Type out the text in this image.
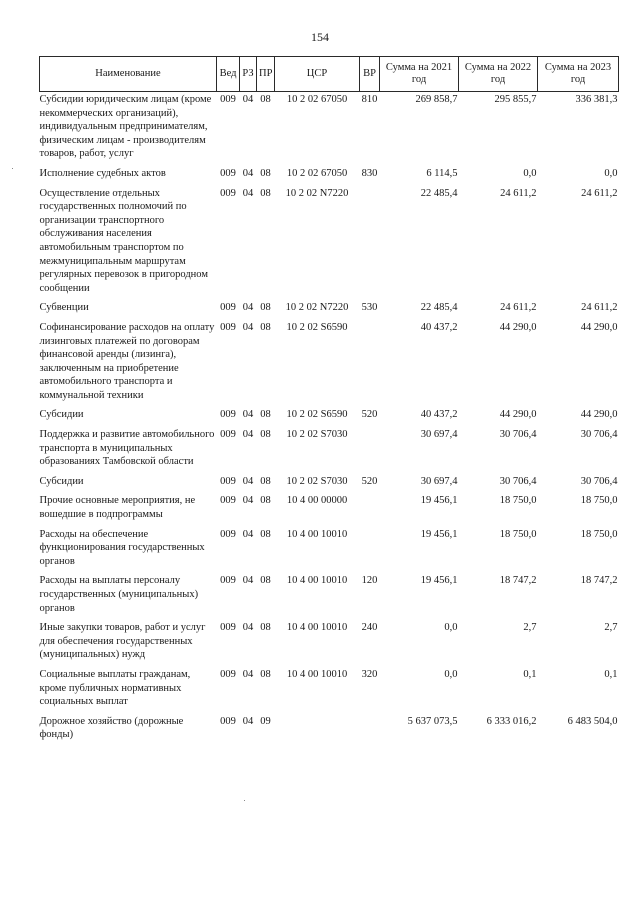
154
Наименование	Вед	РЗ	ПР	ЦСР	ВР	Сумма на 2021 год	Сумма на 2022 год	Сумма на 2023 год
Субсидии юридическим лицам (кроме некоммерческих организаций), индивидуальным предпринимателям, физическим лицам - производителям товаров, работ, услуг	009	04	08	10 2 02 67050	810	269 858,7	295 855,7	336 381,3
Исполнение судебных актов	009	04	08	10 2 02 67050	830	6 114,5	0,0	0,0
Осуществление отдельных государственных полномочий по организации транспортного обслуживания населения автомобильным транспортом по межмуниципальным маршрутам регулярных перевозок в пригородном сообщении	009	04	08	10 2 02 N7220		22 485,4	24 611,2	24 611,2
Субвенции	009	04	08	10 2 02 N7220	530	22 485,4	24 611,2	24 611,2
Софинансирование расходов на оплату лизинговых платежей по договорам финансовой аренды (лизинга), заключенным на приобретение автомобильного транспорта и коммунальной техники	009	04	08	10 2 02 S6590		40 437,2	44 290,0	44 290,0
Субсидии	009	04	08	10 2 02 S6590	520	40 437,2	44 290,0	44 290,0
Поддержка и развитие автомобильного транспорта в муниципальных образованиях Тамбовской области	009	04	08	10 2 02 S7030		30 697,4	30 706,4	30 706,4
Субсидии	009	04	08	10 2 02 S7030	520	30 697,4	30 706,4	30 706,4
Прочие основные мероприятия, не вошедшие в подпрограммы	009	04	08	10 4 00 00000		19 456,1	18 750,0	18 750,0
Расходы на обеспечение функционирования государственных органов	009	04	08	10 4 00 10010		19 456,1	18 750,0	18 750,0
Расходы на выплаты персоналу государственных (муниципальных) органов	009	04	08	10 4 00 10010	120	19 456,1	18 747,2	18 747,2
Иные закупки товаров, работ и услуг для обеспечения государственных (муниципальных) нужд	009	04	08	10 4 00 10010	240	0,0	2,7	2,7
Социальные выплаты гражданам, кроме публичных нормативных социальных выплат	009	04	08	10 4 00 10010	320	0,0	0,1	0,1
Дорожное хозяйство (дорожные фонды)	009	04	09			5 637 073,5	6 333 016,2	6 483 504,0
